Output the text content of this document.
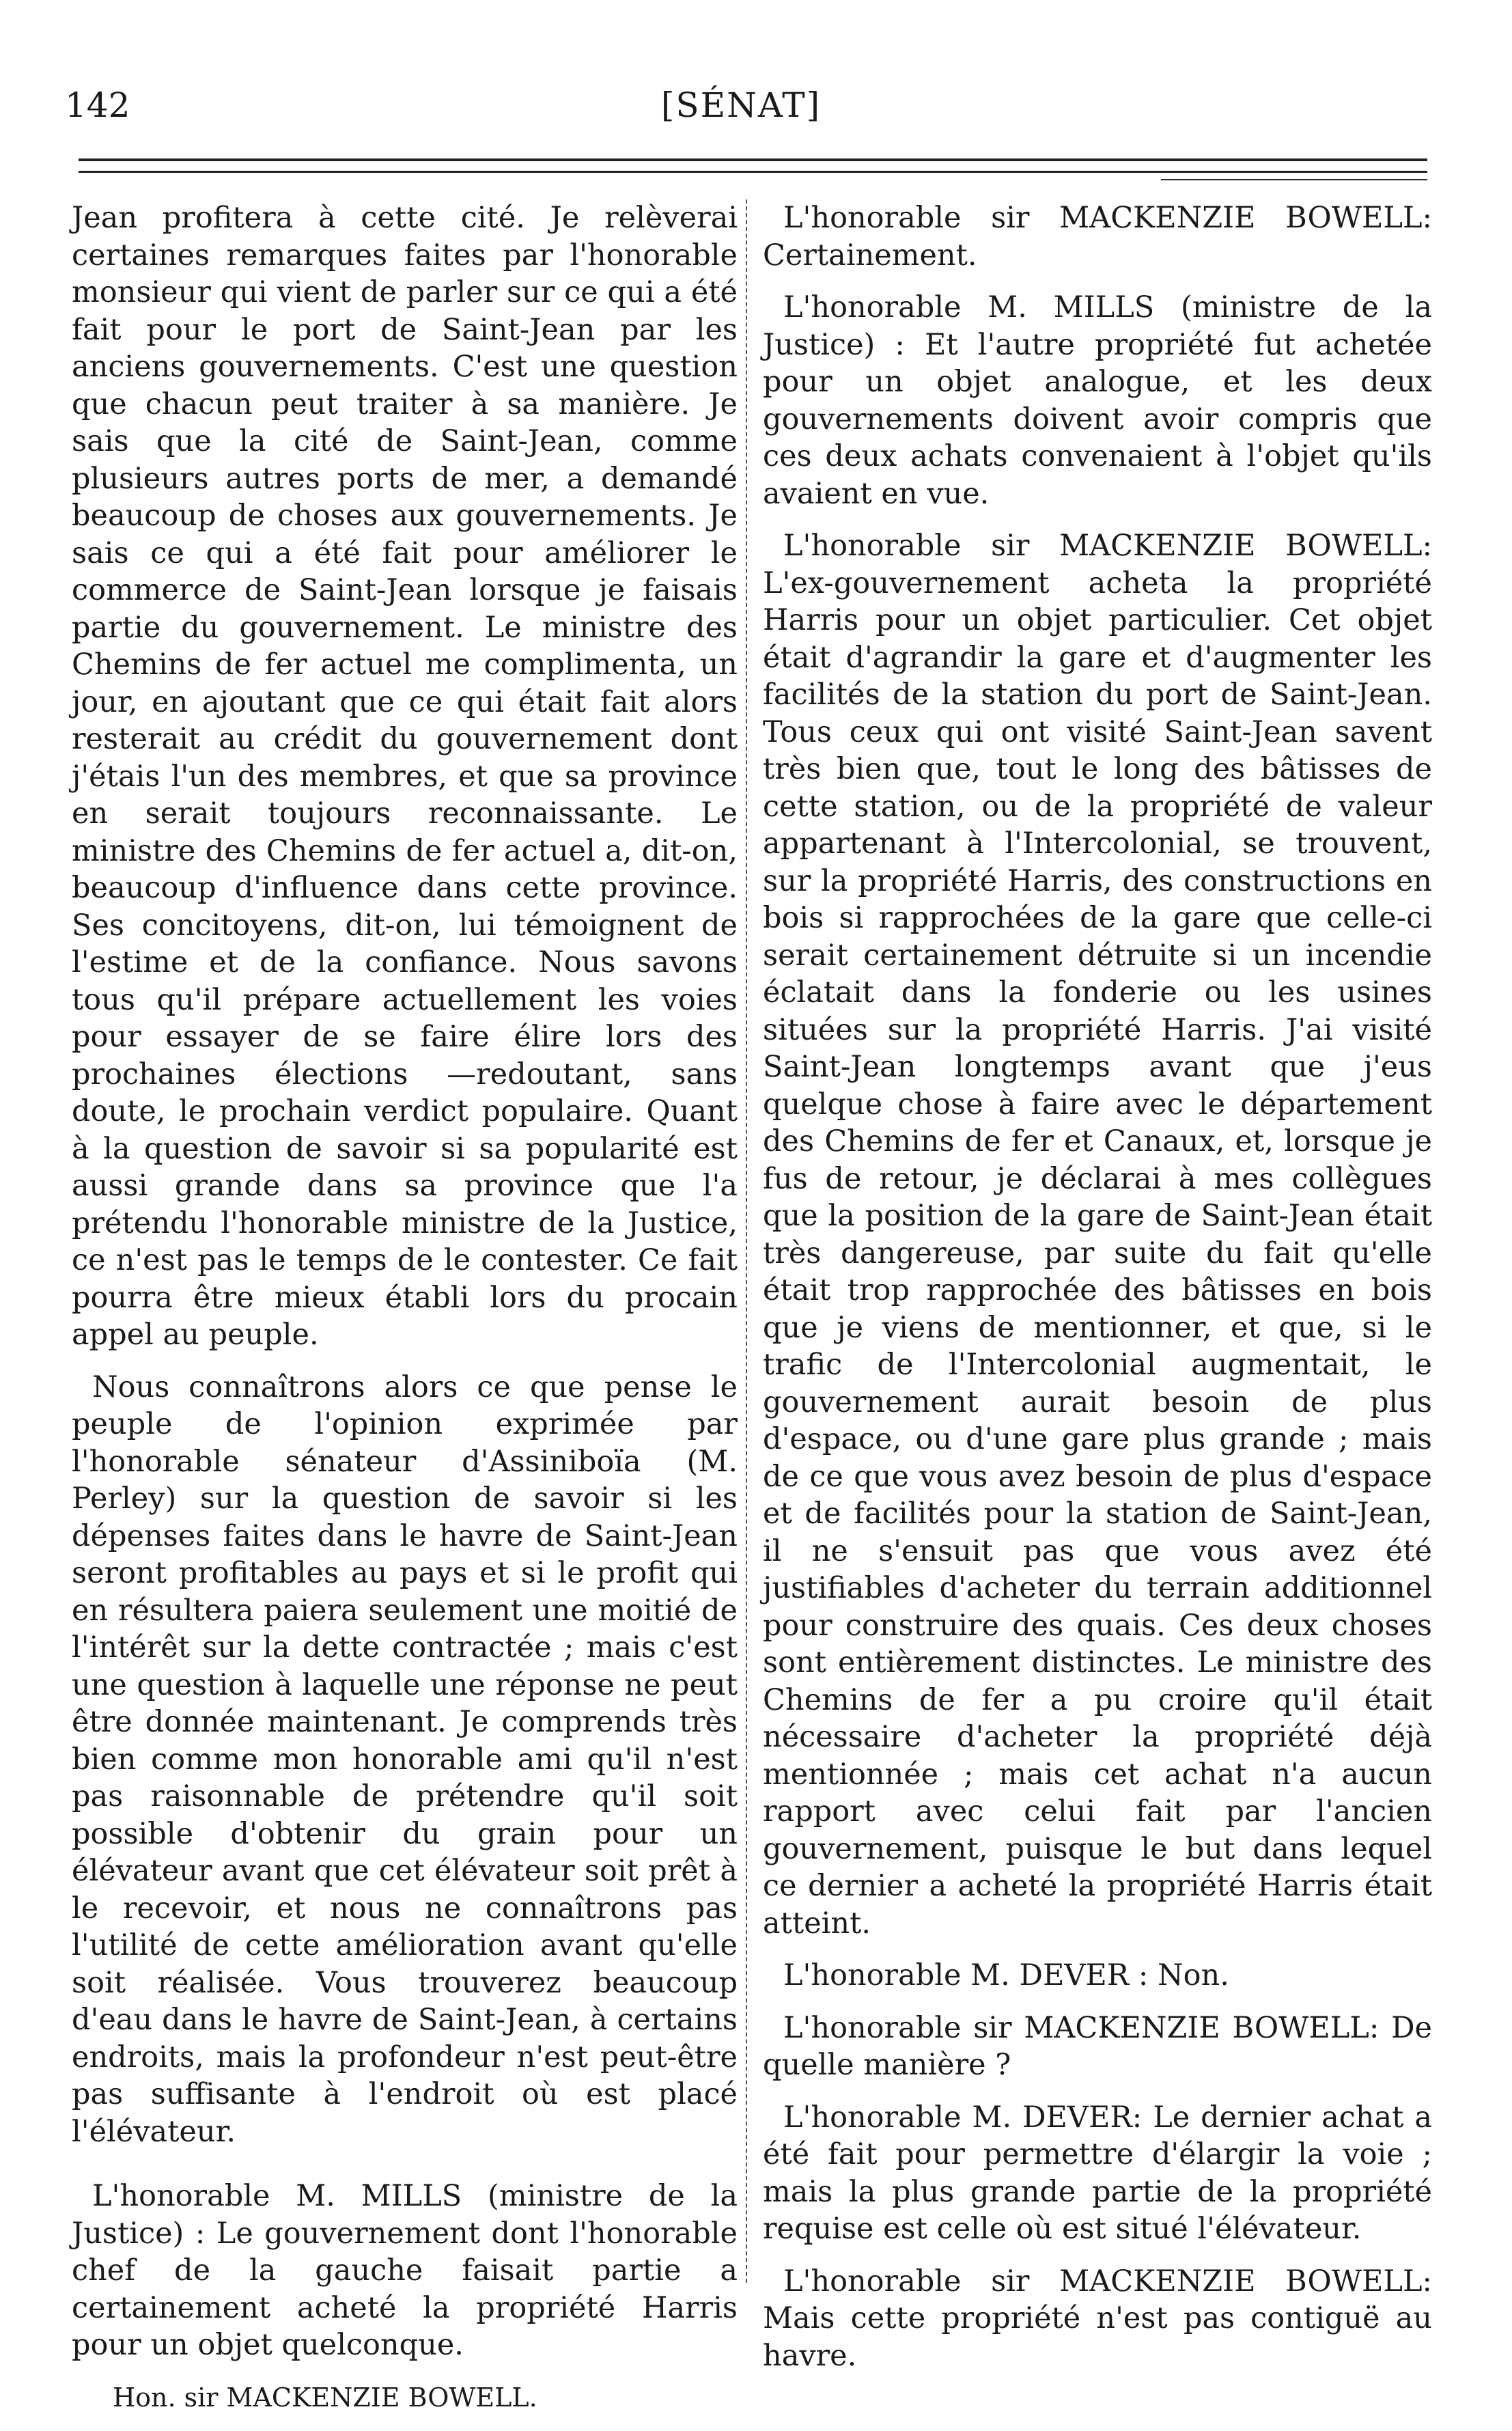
142	[SÉNAT]

Jean profitera à cette cité. Je relèverai certaines remarques faites par l'honorable monsieur qui vient de parler sur ce qui a été fait pour le port de Saint-Jean par les anciens gouvernements. C'est une question que chacun peut traiter à sa manière. Je sais que la cité de Saint-Jean, comme plusieurs autres ports de mer, a demandé beaucoup de choses aux gouvernements. Je sais ce qui a été fait pour améliorer le commerce de Saint-Jean lorsque je faisais partie du gouvernement. Le ministre des Chemins de fer actuel me complimenta, un jour, en ajoutant que ce qui était fait alors resterait au crédit du gouvernement dont j'étais l'un des membres, et que sa province en serait toujours reconnaissante. Le ministre des Chemins de fer actuel a, dit-on, beaucoup d'influence dans cette province. Ses concitoyens, dit-on, lui témoignent de l'estime et de la confiance. Nous savons tous qu'il prépare actuellement les voies pour essayer de se faire élire lors des prochaines élections —redoutant, sans doute, le prochain verdict populaire. Quant à la question de savoir si sa popularité est aussi grande dans sa province que l'a prétendu l'honorable ministre de la Justice, ce n'est pas le temps de le contester. Ce fait pourra être mieux établi lors du procain appel au peuple.

Nous connaîtrons alors ce que pense le peuple de l'opinion exprimée par l'honorable sénateur d'Assiniboïa (M. Perley) sur la question de savoir si les dépenses faites dans le havre de Saint-Jean seront profitables au pays et si le profit qui en résultera paiera seulement une moitié de l'intérêt sur la dette contractée ; mais c'est une question à laquelle une réponse ne peut être donnée maintenant. Je comprends très bien comme mon honorable ami qu'il n'est pas raisonnable de prétendre qu'il soit possible d'obtenir du grain pour un élévateur avant que cet élévateur soit prêt à le recevoir, et nous ne connaîtrons pas l'utilité de cette amélioration avant qu'elle soit réalisée. Vous trouverez beaucoup d'eau dans le havre de Saint-Jean, à certains endroits, mais la profondeur n'est peut-être pas suffisante à l'endroit où est placé l'élévateur.

L'honorable M. MILLS (ministre de la Justice) : Le gouvernement dont l'honorable chef de la gauche faisait partie a certainement acheté la propriété Harris pour un objet quelconque.

Hon. sir MACKENZIE BOWELL.

L'honorable sir MACKENZIE BOWELL: Certainement.

L'honorable M. MILLS (ministre de la Justice) : Et l'autre propriété fut achetée pour un objet analogue, et les deux gouvernements doivent avoir compris que ces deux achats convenaient à l'objet qu'ils avaient en vue.

L'honorable sir MACKENZIE BOWELL: L'ex-gouvernement acheta la propriété Harris pour un objet particulier. Cet objet était d'agrandir la gare et d'augmenter les facilités de la station du port de Saint-Jean. Tous ceux qui ont visité Saint-Jean savent très bien que, tout le long des bâtisses de cette station, ou de la propriété de valeur appartenant à l'Intercolonial, se trouvent, sur la propriété Harris, des constructions en bois si rapprochées de la gare que celle-ci serait certainement détruite si un incendie éclatait dans la fonderie ou les usines situées sur la propriété Harris. J'ai visité Saint-Jean longtemps avant que j'eus quelque chose à faire avec le département des Chemins de fer et Canaux, et, lorsque je fus de retour, je déclarai à mes collègues que la position de la gare de Saint-Jean était très dangereuse, par suite du fait qu'elle était trop rapprochée des bâtisses en bois que je viens de mentionner, et que, si le trafic de l'Intercolonial augmentait, le gouvernement aurait besoin de plus d'espace, ou d'une gare plus grande ; mais de ce que vous avez besoin de plus d'espace et de facilités pour la station de Saint-Jean, il ne s'ensuit pas que vous avez été justifiables d'acheter du terrain additionnel pour construire des quais. Ces deux choses sont entièrement distinctes. Le ministre des Chemins de fer a pu croire qu'il était nécessaire d'acheter la propriété déjà mentionnée ; mais cet achat n'a aucun rapport avec celui fait par l'ancien gouvernement, puisque le but dans lequel ce dernier a acheté la propriété Harris était atteint.

L'honorable M. DEVER : Non.

L'honorable sir MACKENZIE BOWELL: De quelle manière ?

L'honorable M. DEVER: Le dernier achat a été fait pour permettre d'élargir la voie ; mais la plus grande partie de la propriété requise est celle où est situé l'élévateur.

L'honorable sir MACKENZIE BOWELL: Mais cette propriété n'est pas contiguë au havre.
